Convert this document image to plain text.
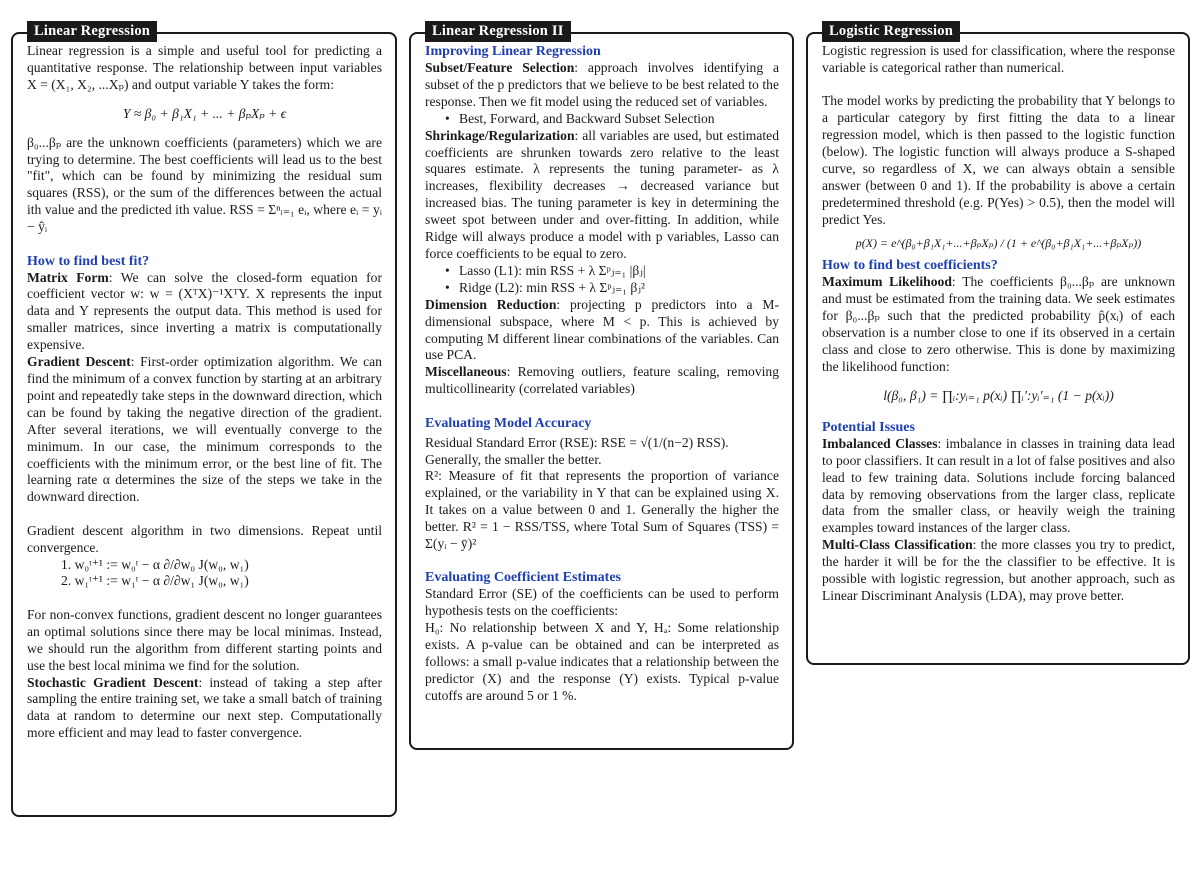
Linear Regression

Linear regression is a simple and useful tool for predicting a quantitative response. The relationship between input variables X = (X₁, X₂, ...Xₚ) and output variable Y takes the form:

Y ≈ β₀ + β₁X₁ + ... + βₚXₚ + ϵ

β₀...βₚ are the unknown coefficients (parameters) which we are trying to determine. The best coefficients will lead us to the best "fit", which can be found by minimizing the residual sum squares (RSS), or the sum of the differences between the actual ith value and the predicted ith value. RSS = Σⁿᵢ₌₁ eᵢ, where eᵢ = yᵢ − ŷᵢ

How to find best fit?

Matrix Form: We can solve the closed-form equation for coefficient vector w: w = (XᵀX)⁻¹XᵀY. X represents the input data and Y represents the output data. This method is used for smaller matrices, since inverting a matrix is computationally expensive.

Gradient Descent: First-order optimization algorithm. We can find the minimum of a convex function by starting at an arbitrary point and repeatedly take steps in the downward direction, which can be found by taking the negative direction of the gradient. After several iterations, we will eventually converge to the minimum. In our case, the minimum corresponds to the coefficients with the minimum error, or the best line of fit. The learning rate α determines the size of the steps we take in the downward direction.

Gradient descent algorithm in two dimensions. Repeat until convergence.

1. w₀ᵗ⁺¹ := w₀ᵗ − α ∂/∂w₀ J(w₀, w₁)
2. w₁ᵗ⁺¹ := w₁ᵗ − α ∂/∂w₁ J(w₀, w₁)

For non-convex functions, gradient descent no longer guarantees an optimal solutions since there may be local minimas. Instead, we should run the algorithm from different starting points and use the best local minima we find for the solution.

Stochastic Gradient Descent: instead of taking a step after sampling the entire training set, we take a small batch of training data at random to determine our next step. Computationally more efficient and may lead to faster convergence.

Linear Regression II
Improving Linear Regression

Subset/Feature Selection: approach involves identifying a subset of the p predictors that we believe to be best related to the response. Then we fit model using the reduced set of variables.

• Best, Forward, and Backward Subset Selection

Shrinkage/Regularization: all variables are used, but estimated coefficients are shrunken towards zero relative to the least squares estimate. λ represents the tuning parameter- as λ increases, flexibility decreases → decreased variance but increased bias. The tuning parameter is key in determining the sweet spot between under and over-fitting. In addition, while Ridge will always produce a model with p variables, Lasso can force coefficients to be equal to zero.

• Lasso (L1): min RSS + λ Σᵖⱼ₌₁ |βⱼ|
• Ridge (L2): min RSS + λ Σᵖⱼ₌₁ βⱼ²

Dimension Reduction: projecting p predictors into a M-dimensional subspace, where M < p. This is achieved by computing M different linear combinations of the variables. Can use PCA.

Miscellaneous: Removing outliers, feature scaling, removing multicollinearity (correlated variables)

Evaluating Model Accuracy

Residual Standard Error (RSE): RSE = √(1/(n−2) RSS).

Generally, the smaller the better.

R²: Measure of fit that represents the proportion of variance explained, or the variability in Y that can be explained using X. It takes on a value between 0 and 1. Generally the higher the better. R² = 1 − RSS/TSS, where Total Sum of Squares (TSS) = Σ(yᵢ − ȳ)²

Evaluating Coefficient Estimates

Standard Error (SE) of the coefficients can be used to perform hypothesis tests on the coefficients:

H₀: No relationship between X and Y, Hₐ: Some relationship exists. A p-value can be obtained and can be interpreted as follows: a small p-value indicates that a relationship between the predictor (X) and the response (Y) exists. Typical p-value cutoffs are around 5 or 1 %.

Logistic Regression

Logistic regression is used for classification, where the response variable is categorical rather than numerical.

The model works by predicting the probability that Y belongs to a particular category by first fitting the data to a linear regression model, which is then passed to the logistic function (below). The logistic function will always produce a S-shaped curve, so regardless of X, we can always obtain a sensible answer (between 0 and 1). If the probability is above a certain predetermined threshold (e.g. P(Yes) > 0.5), then the model will predict Yes.

p(X) = e^(β₀+β₁X₁+...+βₚXₚ) / (1 + e^(β₀+β₁X₁+...+βₚXₚ))
How to find best coefficients?

Maximum Likelihood: The coefficients β₀...βₚ are unknown and must be estimated from the training data. We seek estimates for β₀...βₚ such that the predicted probability p̂(xᵢ) of each observation is a number close to one if its observed in a certain class and close to zero otherwise. This is done by maximizing the likelihood function:

l(β₀, β₁) = ∏ᵢ:yᵢ₌₁ p(xᵢ) ∏ᵢ′:yᵢ′₌₁ (1 − p(xᵢ))
Potential Issues

Imbalanced Classes: imbalance in classes in training data lead to poor classifiers. It can result in a lot of false positives and also lead to few training data. Solutions include forcing balanced data by removing observations from the larger class, replicate data from the smaller class, or heavily weigh the training examples toward instances of the larger class.

Multi-Class Classification: the more classes you try to predict, the harder it will be for the the classifier to be effective. It is possible with logistic regression, but another approach, such as Linear Discriminant Analysis (LDA), may prove better.
